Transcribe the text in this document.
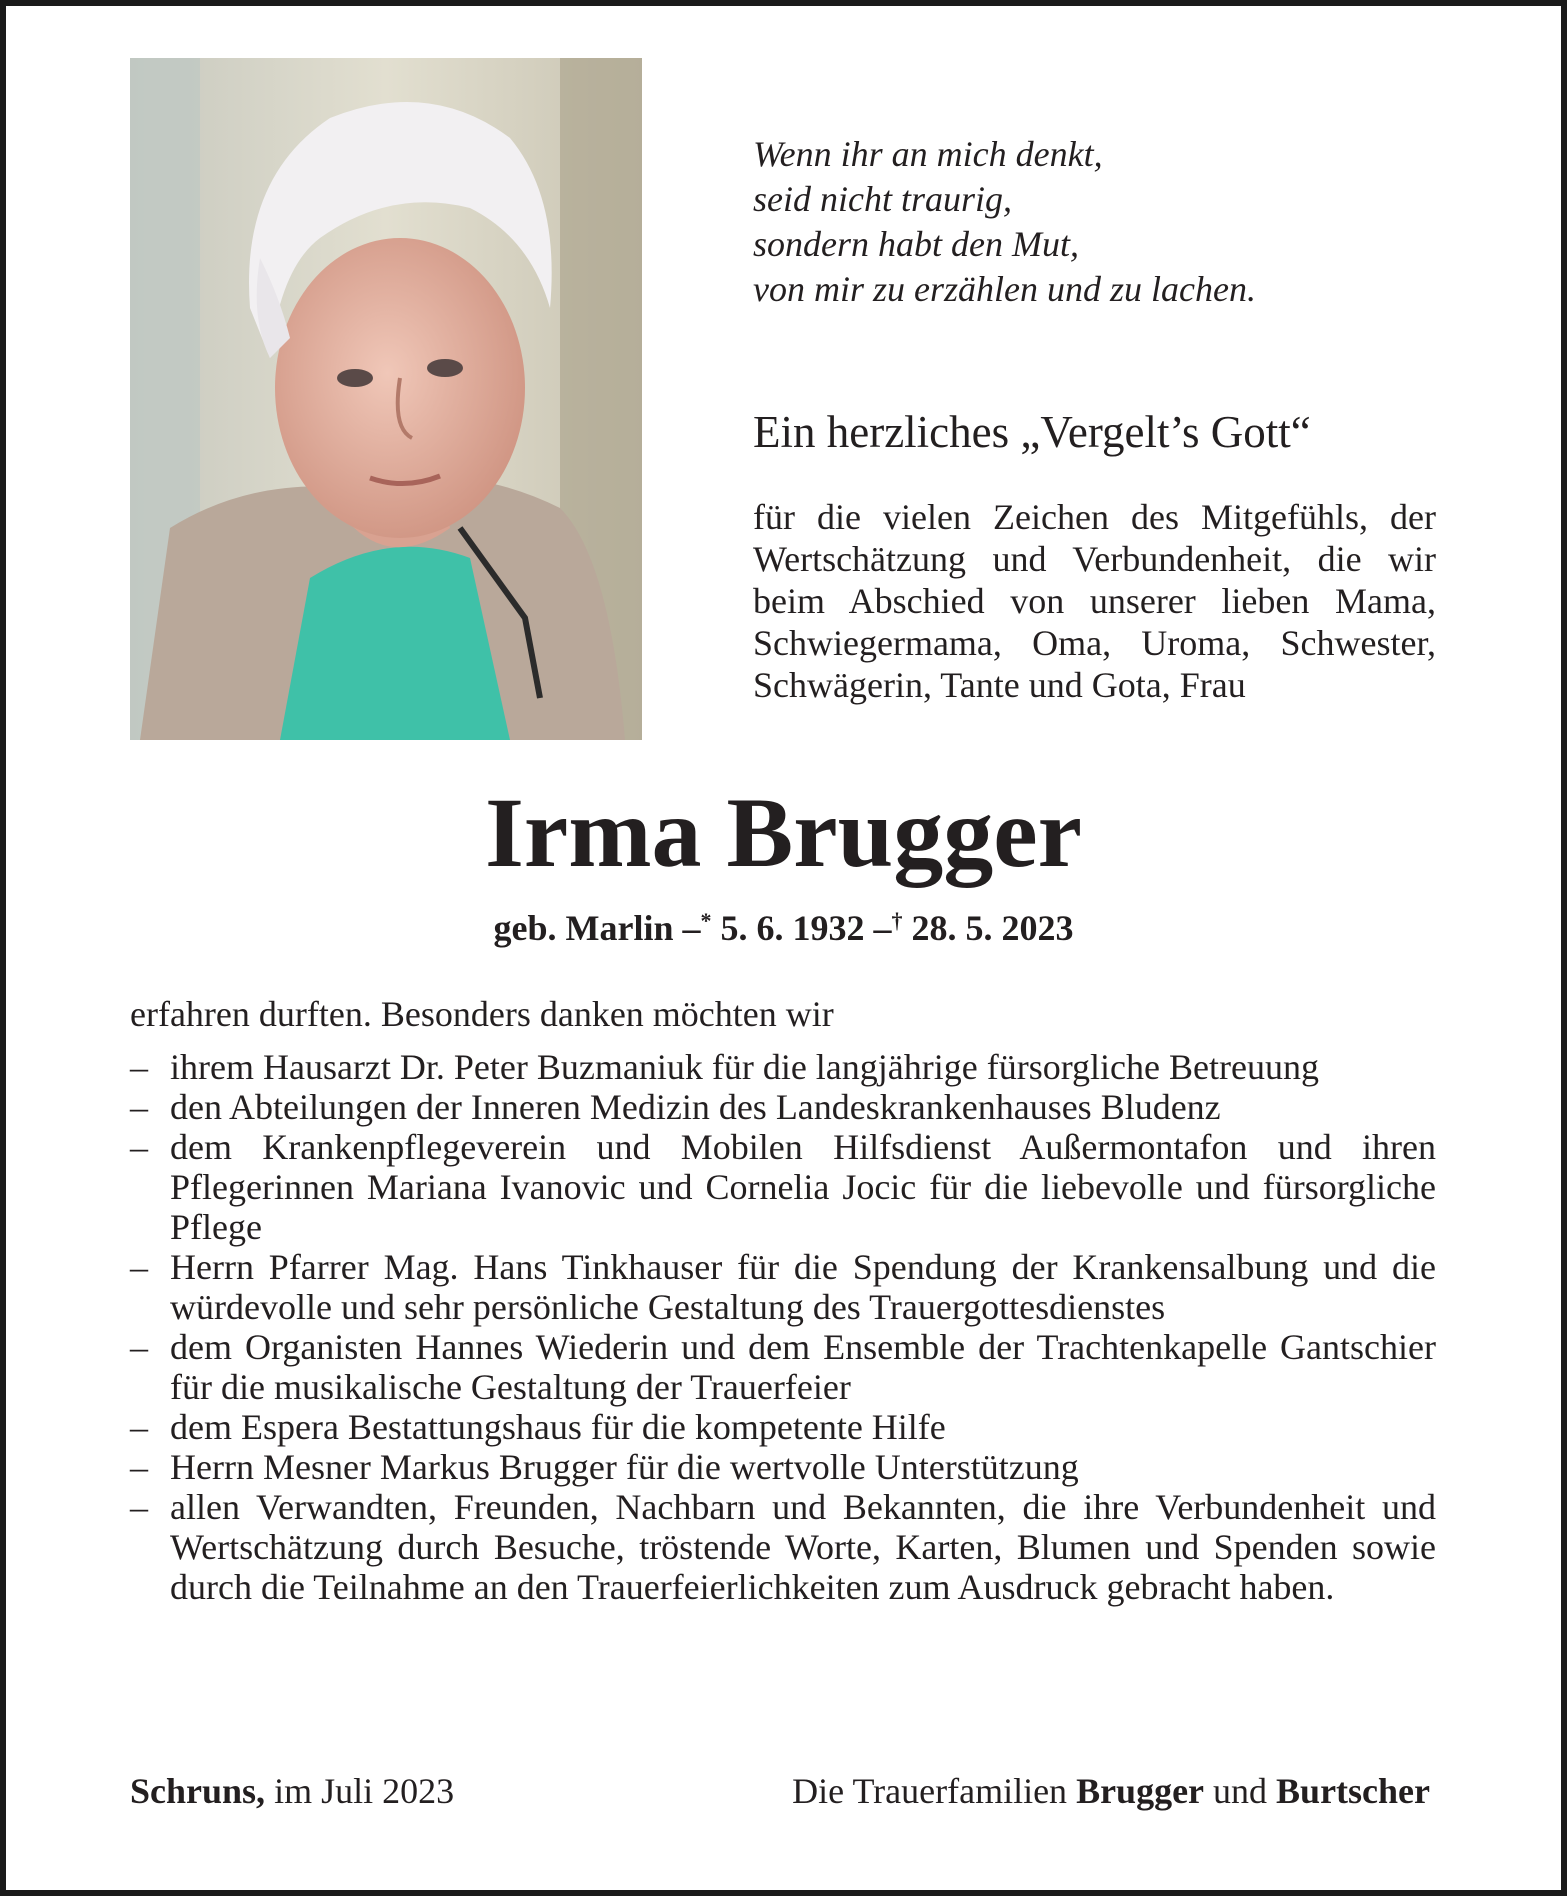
Wenn ihr an mich denkt,
seid nicht traurig,
sondern habt den Mut,
von mir zu erzählen und zu lachen.
Ein herzliches „Vergelt’s Gott“

für die vielen Zeichen des Mitgefühls, der Wertschätzung und Verbundenheit, die wir beim Abschied von unserer lieben Mama, Schwiegermama, Oma, Uroma, Schwester, Schwägerin, Tante und Gota, Frau

Irma Brugger
geb. Marlin –* 5. 6. 1932 –† 28. 5. 2023

erfahren durften. Besonders danken möchten wir

– ihrem Hausarzt Dr. Peter Buzmaniuk für die langjährige fürsorgliche Betreuung
– den Abteilungen der Inneren Medizin des Landeskrankenhauses Bludenz
– dem Krankenpflegeverein und Mobilen Hilfsdienst Außermontafon und ihren Pflegerinnen Mariana Ivanovic und Cornelia Jocic für die liebevolle und fürsorgliche Pflege
– Herrn Pfarrer Mag. Hans Tinkhauser für die Spendung der Krankensalbung und die würdevolle und sehr persönliche Gestaltung des Trauergottesdienstes
– dem Organisten Hannes Wiederin und dem Ensemble der Trachtenkapelle Gantschier für die musikalische Gestaltung der Trauerfeier
– dem Espera Bestattungshaus für die kompetente Hilfe
– Herrn Mesner Markus Brugger für die wertvolle Unterstützung
– allen Verwandten, Freunden, Nachbarn und Bekannten, die ihre Verbundenheit und Wertschätzung durch Besuche, tröstende Worte, Karten, Blumen und Spenden sowie durch die Teilnahme an den Trauerfeierlichkeiten zum Ausdruck gebracht haben.
Schruns, im Juli 2023	Die Trauerfamilien Brugger und Burtscher
